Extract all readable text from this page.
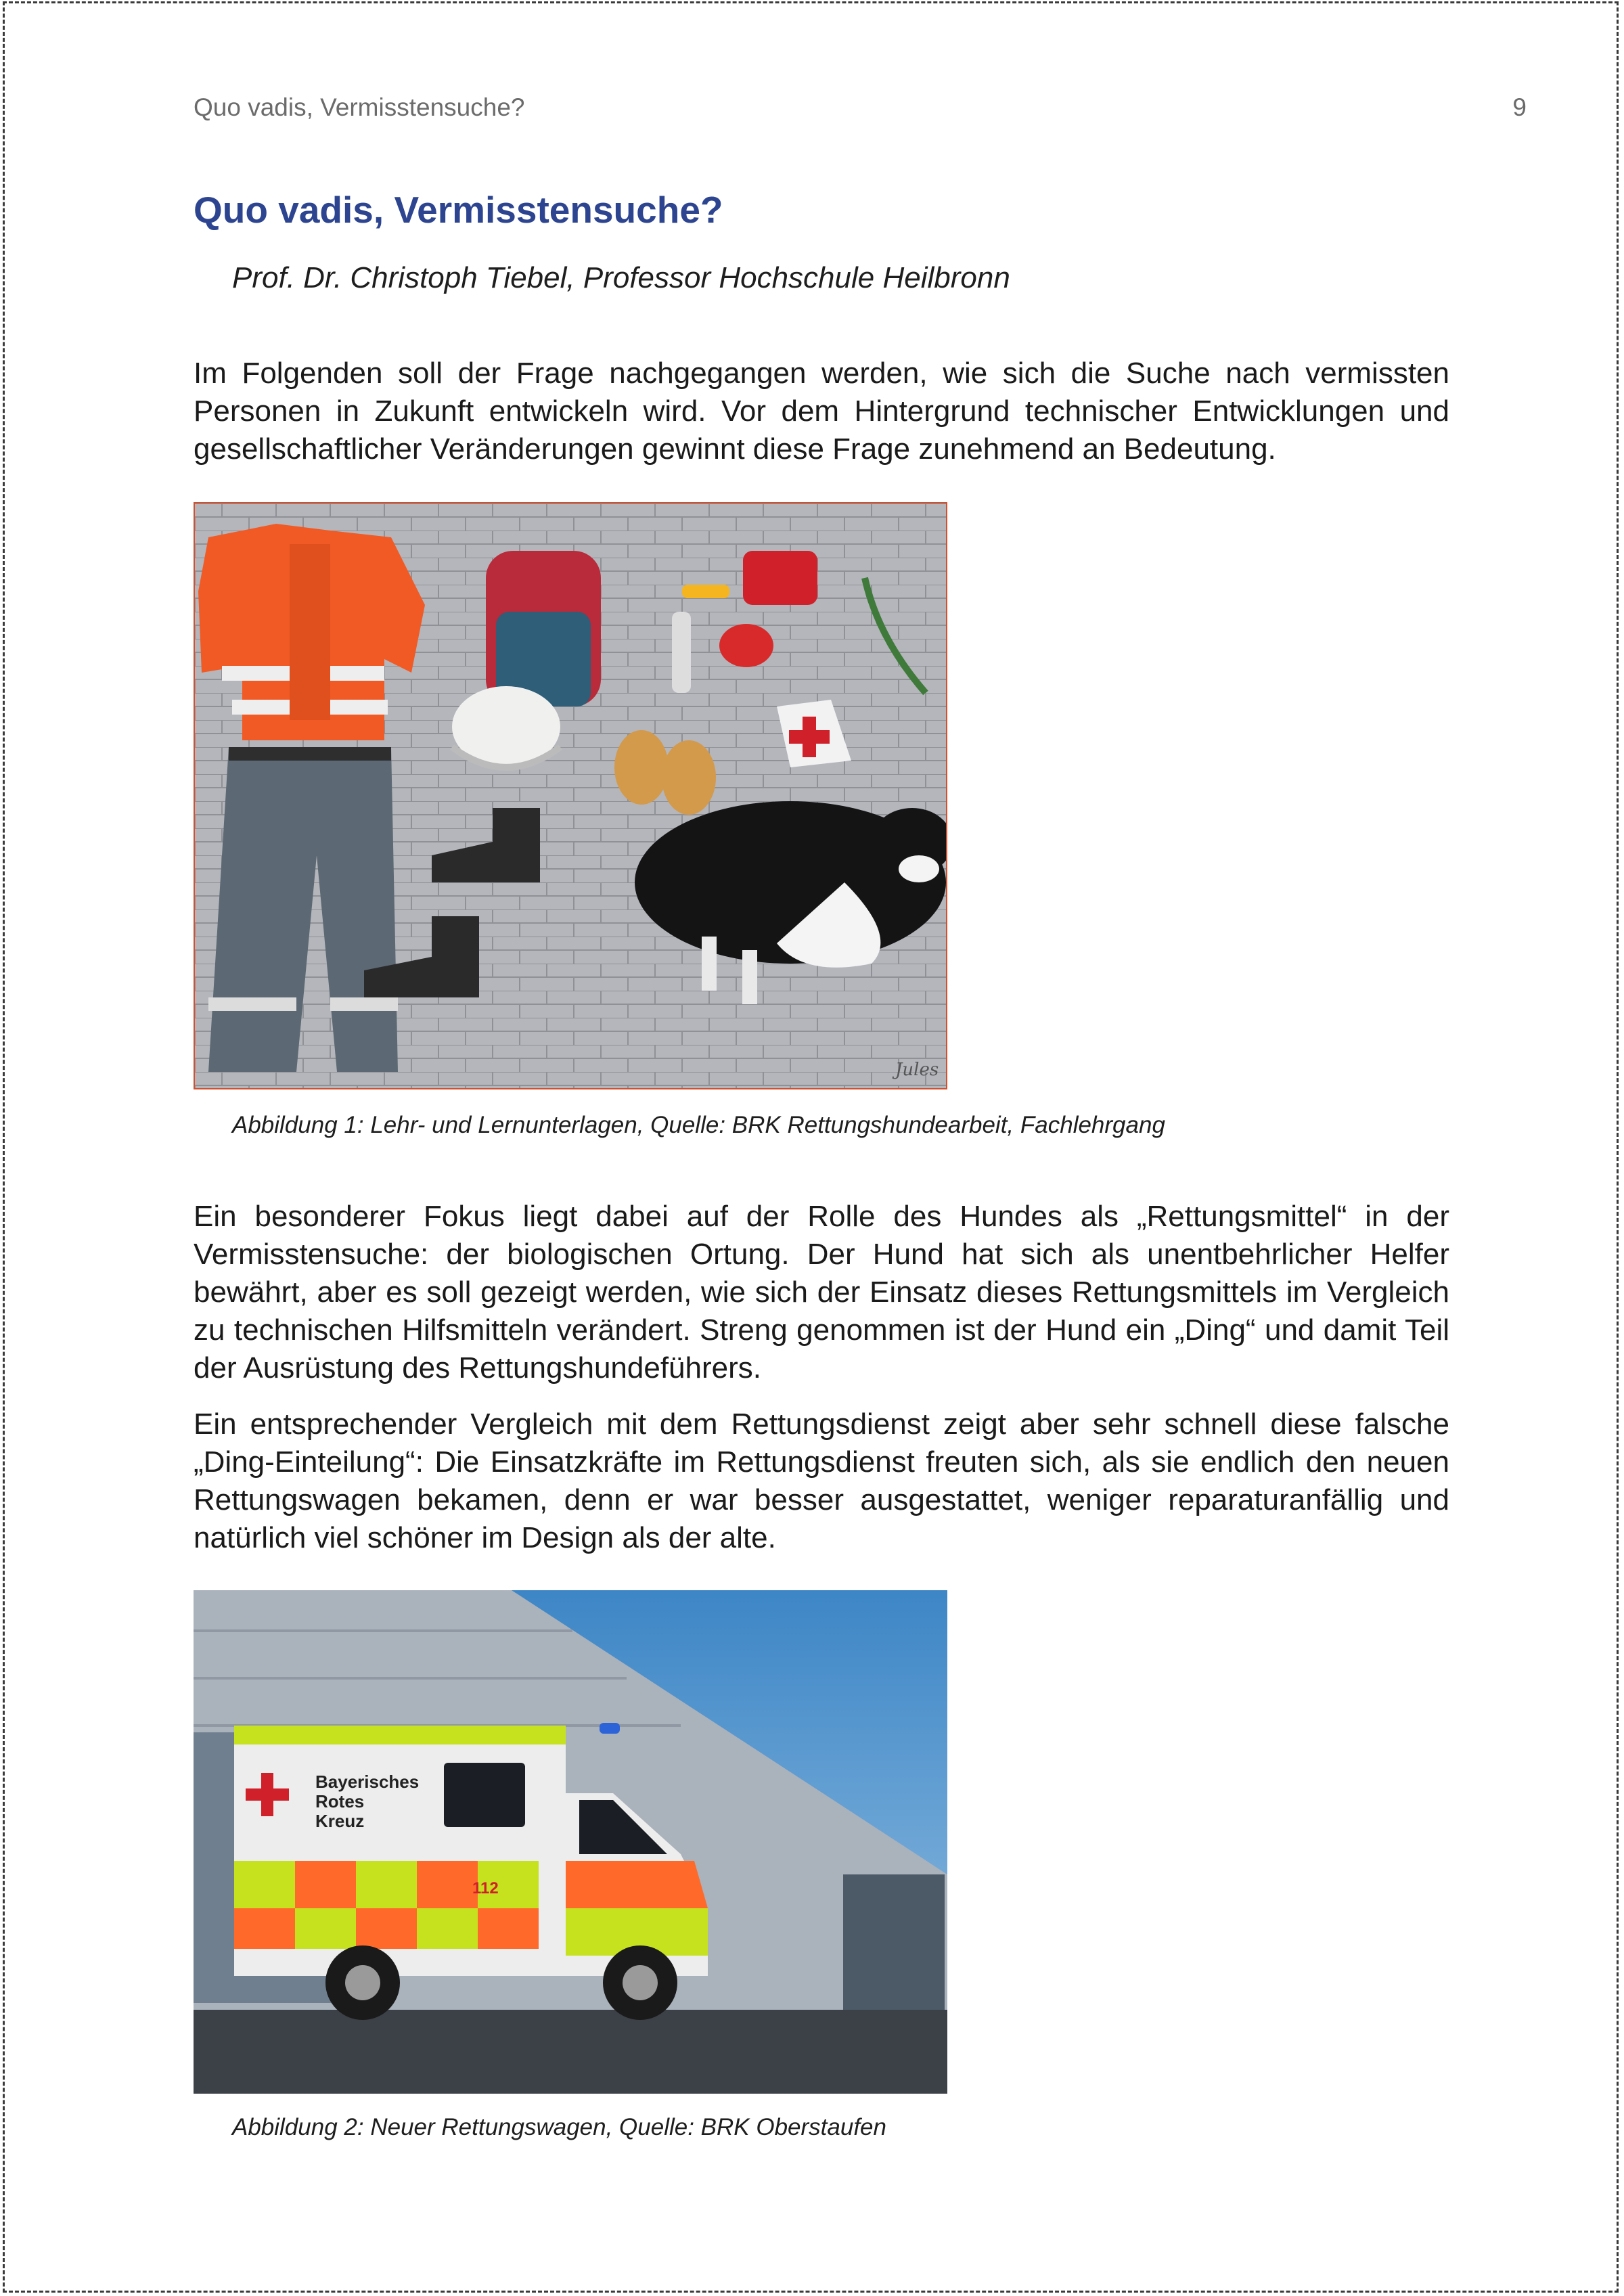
Quo vadis, Vermisstensuche?	9
Quo vadis, Vermisstensuche?
Prof. Dr. Christoph Tiebel, Professor Hochschule Heilbronn

Im Folgenden soll der Frage nachgegangen werden, wie sich die Suche nach vermissten Personen in Zukunft entwickeln wird. Vor dem Hintergrund technischer Entwicklungen und gesellschaftlicher Veränderungen gewinnt diese Frage zunehmend an Bedeutung.

Jules
Abbildung 1: Lehr- und Lernunterlagen, Quelle: BRK Rettungshundearbeit, Fachlehrgang

Ein besonderer Fokus liegt dabei auf der Rolle des Hundes als „Rettungsmittel“ in der Vermisstensuche: der biologischen Ortung. Der Hund hat sich als unentbehrlicher Helfer bewährt, aber es soll gezeigt werden, wie sich der Einsatz dieses Rettungsmittels im Vergleich zu technischen Hilfsmitteln verändert. Streng genommen ist der Hund ein „Ding“ und damit Teil der Ausrüstung des Rettungshundeführers.

Ein entsprechender Vergleich mit dem Rettungsdienst zeigt aber sehr schnell diese falsche „Ding-Einteilung“: Die Einsatzkräfte im Rettungsdienst freuten sich, als sie endlich den neuen Rettungswagen bekamen, denn er war besser ausgestattet, weniger reparaturanfällig und natürlich viel schöner im Design als der alte.

Bayerisches
Rotes
Kreuz
112
Abbildung 2: Neuer Rettungswagen, Quelle: BRK Oberstaufen
